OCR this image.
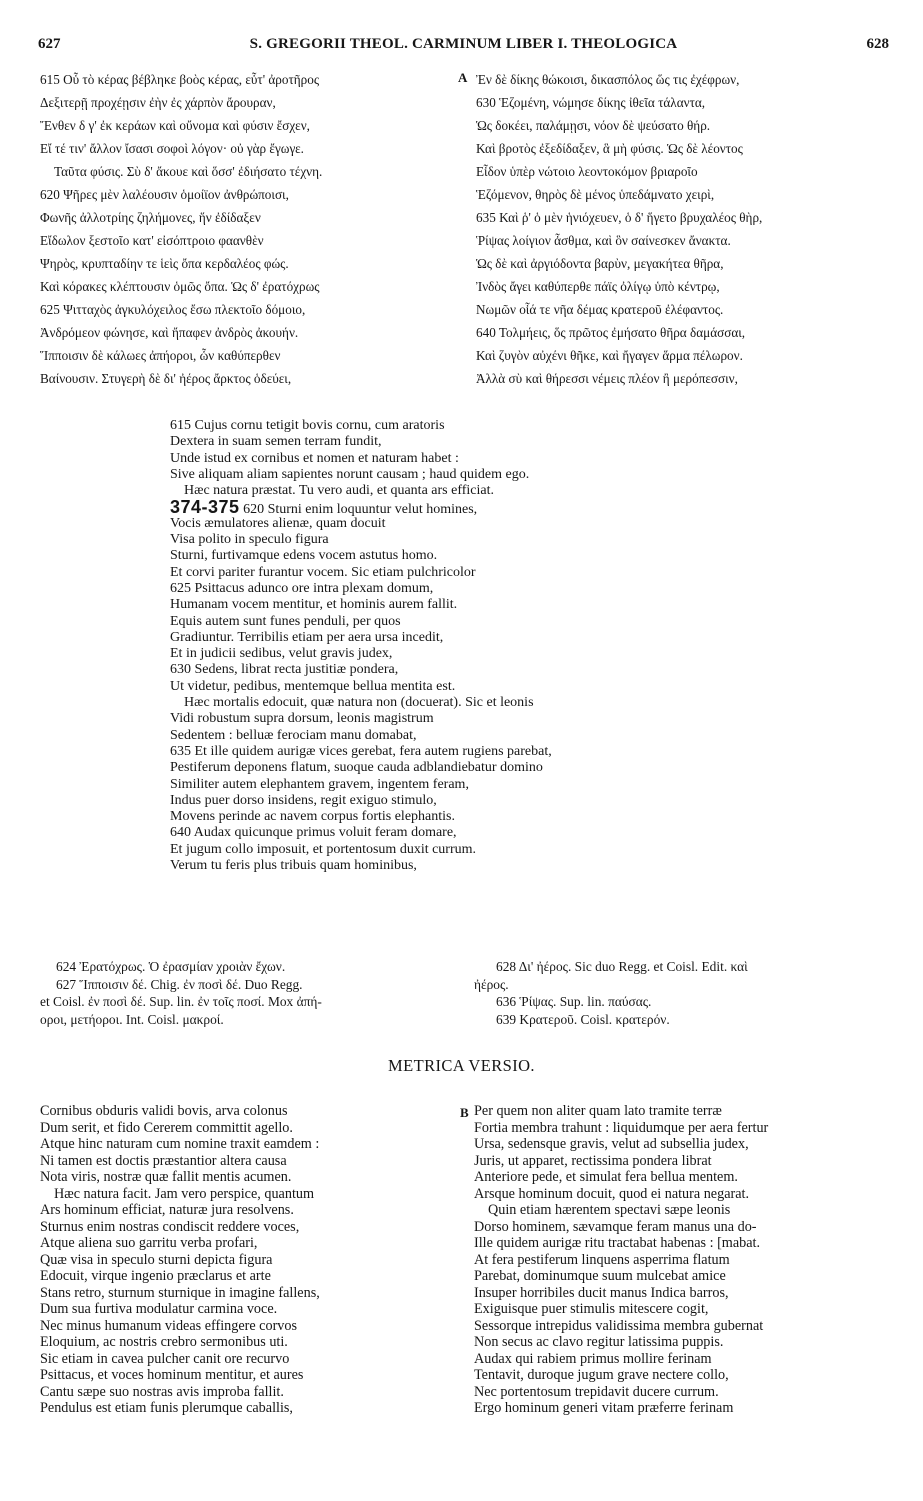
627	S. GREGORII THEOL. CARMINUM LIBER I. THEOLOGICA	628
615 Οὗ τὸ κέρας βέβληκε βοὸς κέρας, εὗτ' ἀροτῆρος
Δεξιτερῇ προχέῃσιν ἐὴν ἐς χάρπὸν ἄρουραν,
Ἔνθεν δ γ' ἐκ κεράων καὶ οὔνομα καὶ φύσιν ἔσχεν,
Εἴ τέ τιν' ἄλλον ἴσασι σοφοὶ λόγον· οὐ γὰρ ἔγωγε.
Ταῦτα φύσις. Σὺ δ' ἄκουε καὶ ὅσσ' ἐδιήσατο τέχνη.
620 Ψῆρες μὲν λαλέουσιν ὁμοίϊον ἀνθρώποισι,
Φωνῆς ἀλλοτρίης ζηλήμονες, ἥν ἐδίδαξεν
Εἴδωλον ξεστοῖο κατ' εἰσόπτροιο φαανθὲν
Ψηρὸς, κρυπταδίην τε ἱεὶς ὄπα κερδαλέος φώς.
Καὶ κόρακες κλέπτουσιν ὁμῶς ὄπα. Ὡς δ' ἐρατόχρως
625 Ψιτταχὸς ἀγκυλόχειλος ἔσω πλεκτοῖο δόμοιο,
Ἀνδρόμεον φώνησε, καὶ ἤπαφεν ἀνδρὸς ἀκουήν.
Ἵπποισιν δὲ κάλωες ἀπήοροι, ὧν καθύπερθεν
Βαίνουσιν. Στυγερὴ δὲ δι' ἠέρος ἄρκτος ὁδεύει,
A Ἐν δὲ δίκης θώκοισι, δικασπόλος ὥς τις ἐχέφρων,
630 Ἑζομένη, νώμησε δίκης ἰθεῖα τάλαντα,
Ὡς δοκέει, παλάμῃσι, νόον δὲ ψεύσατο θήρ.
Καὶ βροτὸς ἐξεδίδαξεν, ἃ μὴ φύσις. Ὡς δὲ λέοντος
Εἶδον ὑπὲρ νώτοιο λεοντοκόμον βριαροῖο
Ἑζόμενον, θηρὸς δὲ μένος ὑπεδάμνατο χειρὶ,
635 Καὶ ῥ' ὁ μὲν ἡνιόχευεν, ὁ δ' ἥγετο βρυχαλέος θὴρ,
Ῥίψας λοίγιον ἆσθμα, καὶ ὃν σαίνεσκεν ἄνακτα.
Ὡς δὲ καὶ ἀργιόδοντα βαρὺν, μεγακήτεα θῆρα,
Ἰνδὸς ἄγει καθύπερθε πάϊς ὀλίγῳ ὑπὸ κέντρῳ,
Νωμῶν οἷά τε νῆα δέμας κρατεροῦ ἐλέφαντος.
640 Τολμήεις, ὅς πρῶτος ἐμήσατο θῆρα δαμάσσαι,
Καὶ ζυγὸν αὐχένι θῆκε, καὶ ἤγαγεν ἅρμα πέλωρον.
Ἀλλὰ σὺ καὶ θήρεσσι νέμεις πλέον ἢ μερόπεσσιν,
615 Cujus cornu tetigit bovis cornu, cum aratoris
Dextera in suam semen terram fundit,
Unde istud ex cornibus et nomen et naturam habet :
Sive aliquam aliam sapientes norunt causam ; haud quidem ego.
Hæc natura præstat. Tu vero audi, et quanta ars efficiat.
374-375 620 Sturni enim loquuntur velut homines,
Vocis æmulatores alienæ, quam docuit
Visa polito in speculo figura
Sturni, furtivamque edens vocem astutus homo.
Et corvi pariter furantur vocem. Sic etiam pulchricolor
625 Psittacus adunco ore intra plexam domum,
Humanam vocem mentitur, et hominis aurem fallit.
Equis autem sunt funes penduli, per quos
Gradiuntur. Terribilis etiam per aera ursa incedit,
Et in judicii sedibus, velut gravis judex,
630 Sedens, librat recta justitiæ pondera,
Ut videtur, pedibus, mentemque bellua mentita est.
Hæc mortalis edocuit, quæ natura non (docuerat). Sic et leonis
Vidi robustum supra dorsum, leonis magistrum
Sedentem : belluæ ferociam manu domabat,
635 Et ille quidem aurigæ vices gerebat, fera autem rugiens parebat,
Pestiferum deponens flatum, suoque cauda adblandiebatur domino
Similiter autem elephantem gravem, ingentem feram,
Indus puer dorso insidens, regit exiguo stimulo,
Movens perinde ac navem corpus fortis elephantis.
640 Audax quicunque primus voluit feram domare,
Et jugum collo imposuit, et portentosum duxit currum.
Verum tu feris plus tribuis quam hominibus,
624 Ἐρατόχρως. Ὁ ἐρασμίαν χροιὰν ἔχων.
627 Ἵπποισιν δέ. Chig. ἐν ποσὶ δέ. Duo Regg.
et Coisl. ἐν ποσὶ δέ. Sup. lin. ἐν τοῖς ποσί. Mox ἀπή-
οροι, μετήοροι. Int. Coisl. μακροί.
628 Δι' ἠέρος. Sic duo Regg. et Coisl. Edit. καὶ
ἠέρος.
636 Ῥίψας. Sup. lin. παύσας.
639 Κρατεροῦ. Coisl. κρατερόν.
METRICA VERSIO.
Cornibus obduris validi bovis, arva colonus
Dum serit, et fido Cererem committit agello.
Atque hinc naturam cum nomine traxit eamdem :
Ni tamen est doctis præstantior altera causa
Nota viris, nostræ quæ fallit mentis acumen.
Hæc natura facit. Jam vero perspice, quantum
Ars hominum efficiat, naturæ jura resolvens.
Sturnus enim nostras condiscit reddere voces,
Atque aliena suo garritu verba profari,
Quæ visa in speculo sturni depicta figura
Edocuit, virque ingenio præclarus et arte
Stans retro, sturnum sturnique in imagine fallens,
Dum sua furtiva modulatur carmina voce.
Nec minus humanum videas effingere corvos
Eloquium, ac nostris crebro sermonibus uti.
Sic etiam in cavea pulcher canit ore recurvo
Psittacus, et voces hominum mentitur, et aures
Cantu sæpe suo nostras avis improba fallit.
Pendulus est etiam funis plerumque caballis,
B Per quem non aliter quam lato tramite terræ
Fortia membra trahunt : liquidumque per aera fertur
Ursa, sedensque gravis, velut ad subsellia judex,
Juris, ut apparet, rectissima pondera librat
Anteriore pede, et simulat fera bellua mentem.
Arsque hominum docuit, quod ei natura negarat.
Quin etiam hærentem spectavi sæpe leonis
Dorso hominem, sævamque feram manus una do-
Ille quidem aurigæ ritu tractabat habenas : [mabat.
At fera pestiferum linquens asperrima flatum
Parebat, dominumque suum mulcebat amice
Insuper horribiles ducit manus Indica barros,
Exiguisque puer stimulis mitescere cogit,
Sessorque intrepidus validissima membra gubernat
Non secus ac clavo regitur latissima puppis.
Audax qui rabiem primus mollire ferinam
Tentavit, duroque jugum grave nectere collo,
Nec portentosum trepidavit ducere currum.
Ergo hominum generi vitam præferre ferinam
